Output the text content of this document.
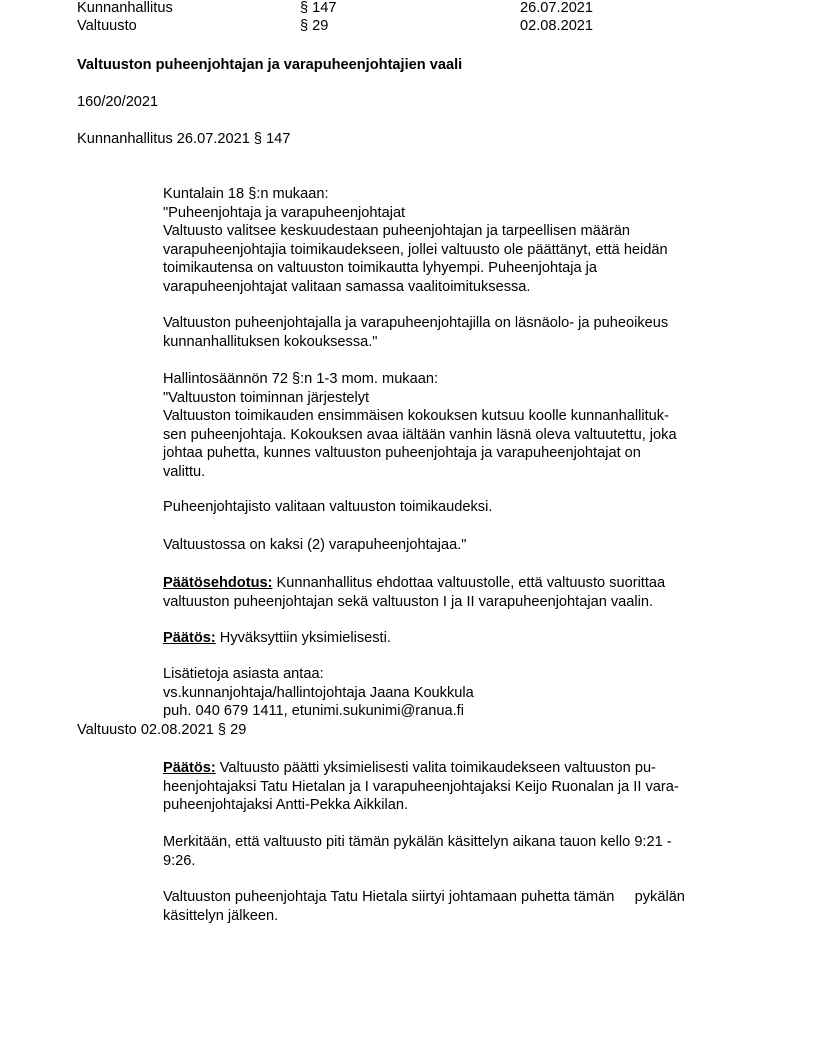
Kunnanhallitus	§ 147	26.07.2021
Valtuusto	§ 29	02.08.2021
Valtuuston puheenjohtajan ja varapuheenjohtajien vaali
160/20/2021
Kunnanhallitus 26.07.2021 § 147
Kuntalain 18 §:n mukaan:
"Puheenjohtaja ja varapuheenjohtajat
Valtuusto valitsee keskuudestaan puheenjohtajan ja tarpeellisen määrän
varapuheenjohtajia toimikaudekseen, jollei valtuusto ole päättänyt, että heidän
toimikautensa on valtuuston toimikautta lyhyempi. Puheenjohtaja ja
varapuheenjohtajat valitaan samassa vaalitoimituksessa.
Valtuuston puheenjohtajalla ja varapuheenjohtajilla on läsnäolo- ja puheoikeus
kunnanhallituksen kokouksessa."
Hallintosäännön 72 §:n 1-3 mom. mukaan:
"Valtuuston toiminnan järjestelyt
Valtuuston toimikauden ensimmäisen kokouksen kutsuu koolle kunnanhallituk-
sen puheenjohtaja. Kokouksen avaa iältään vanhin läsnä oleva valtuutettu, joka
johtaa puhetta, kunnes valtuuston puheenjohtaja ja varapuheenjohtajat on
valittu.
Puheenjohtajisto valitaan valtuuston toimikaudeksi.
Valtuustossa on kaksi (2) varapuheenjohtajaa."
Päätösehdotus: Kunnanhallitus ehdottaa valtuustolle, että valtuusto suorittaa
valtuuston puheenjohtajan sekä valtuuston I ja II varapuheenjohtajan vaalin.
Päätös: Hyväksyttiin yksimielisesti.
Lisätietoja asiasta antaa:
vs.kunnanjohtaja/hallintojohtaja Jaana Koukkula
puh. 040 679 1411, etunimi.sukunimi@ranua.fi
Valtuusto 02.08.2021 § 29
Päätös: Valtuusto päätti yksimielisesti valita toimikaudekseen valtuuston pu-
heenjohtajaksi Tatu Hietalan ja I varapuheenjohtajaksi Keijo Ruonalan ja II vara-
puheenjohtajaksi Antti-Pekka Aikkilan.
Merkitään, että valtuusto piti tämän pykälän käsittelyn aikana tauon kello 9:21 -
9:26.
Valtuuston puheenjohtaja Tatu Hietala siirtyi johtamaan puhetta tämän     pykälän
käsittelyn jälkeen.
